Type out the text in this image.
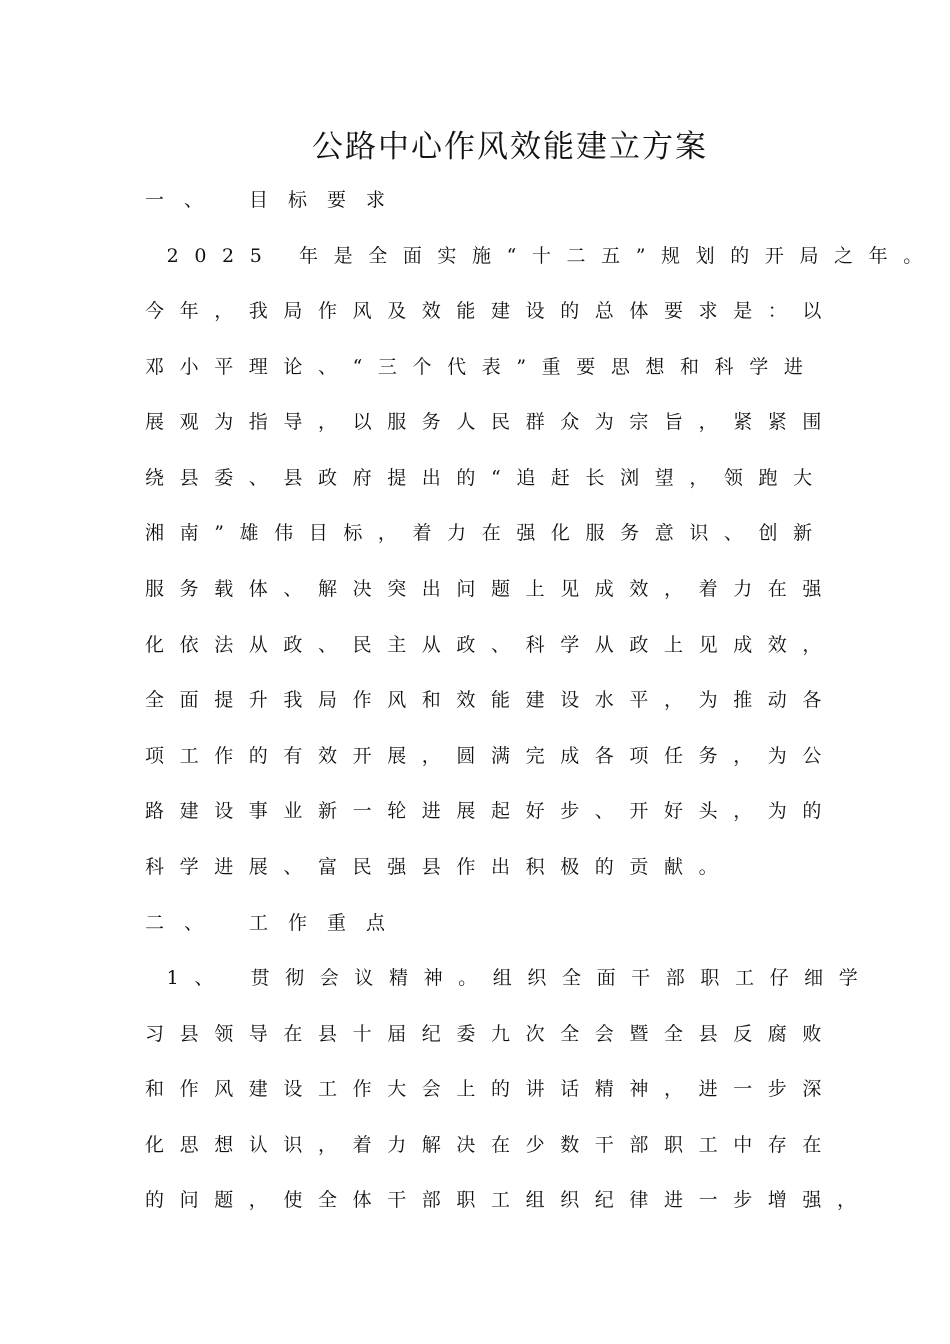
公路中心作风效能建立方案

一、 目标要求

2025 年是全面实施“十二五”规划的开局之年。

今年，我局作风及效能建设的总体要求是：以

邓小平理论、“三个代表”重要思想和科学进

展观为指导，以服务人民群众为宗旨，紧紧围

绕县委、县政府提出的“追赶长浏望，领跑大

湘南”雄伟目标，着力在强化服务意识、创新

服务载体、解决突出问题上见成效，着力在强

化依法从政、民主从政、科学从政上见成效，

全面提升我局作风和效能建设水平，为推动各

项工作的有效开展，圆满完成各项任务，为公

路建设事业新一轮进展起好步、开好头，为的

科学进展、富民强县作出积极的贡献。

二、 工作重点

1、 贯彻会议精神。组织全面干部职工仔细学

习县领导在县十届纪委九次全会暨全县反腐败

和作风建设工作大会上的讲话精神，进一步深

化思想认识，着力解决在少数干部职工中存在

的问题，使全体干部职工组织纪律进一步增强，
